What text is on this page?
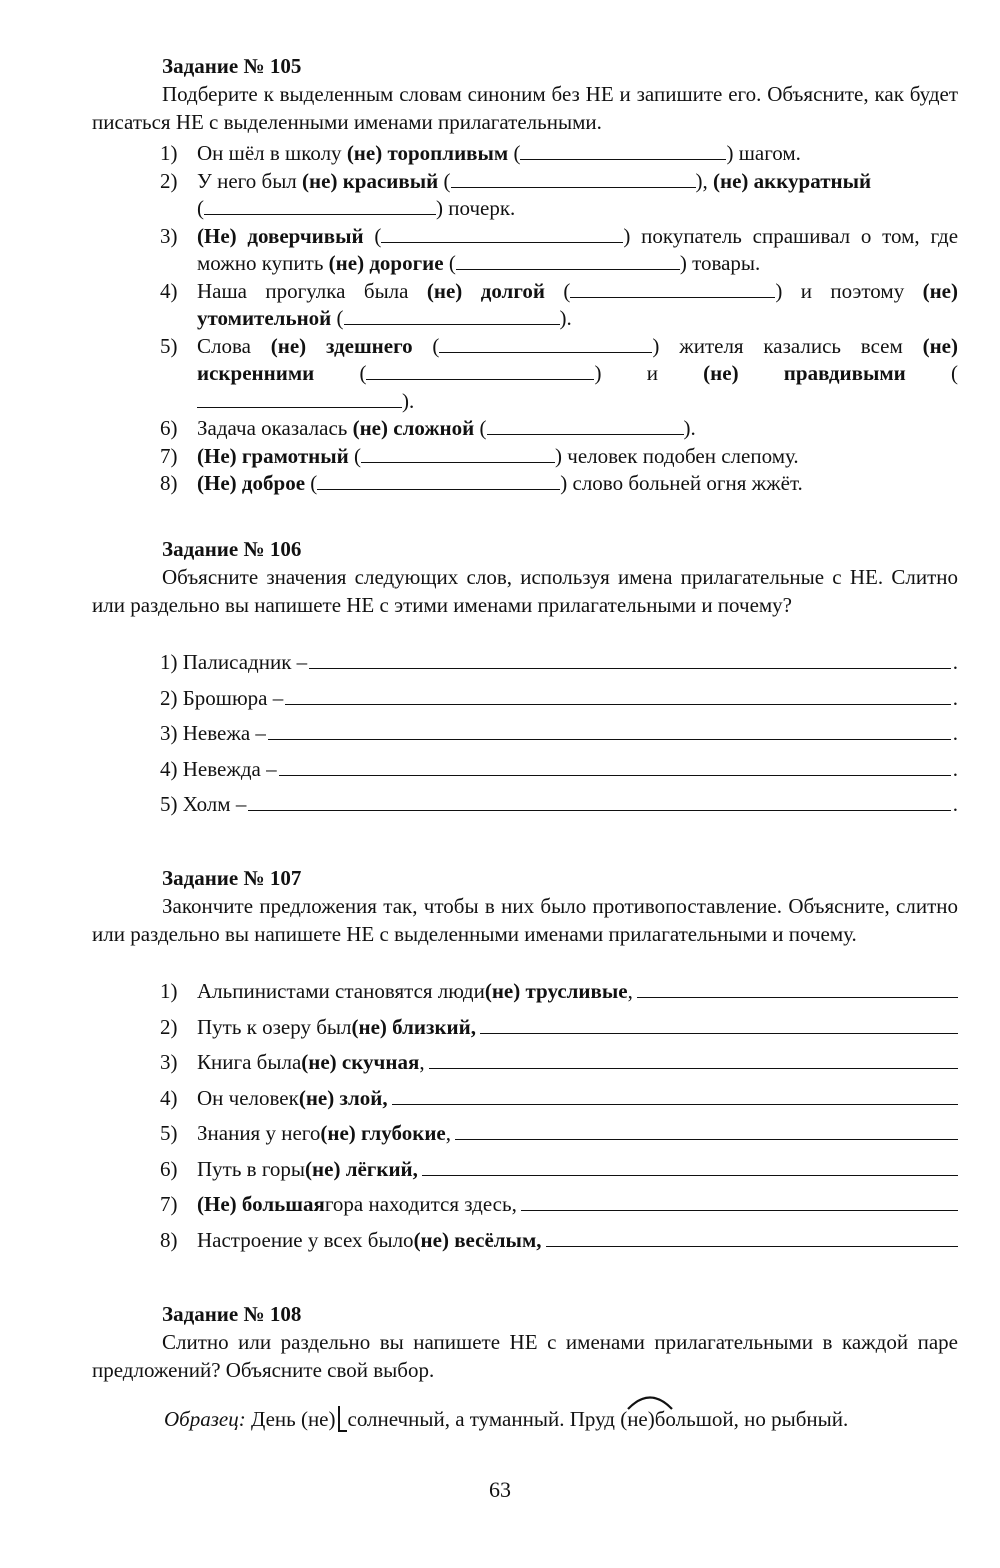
Задание № 105
Подберите к выделенным словам синоним без НЕ и запишите его. Объясните, как будет писаться НЕ с выделенными именами прилагательными.
1) Он шёл в школу (не) торопливым (	) шагом.
2) У него был (не) красивый (	), (не) аккуратный
(	) почерк.
3) (Не) доверчивый (	) покупатель спрашивал о том, где можно купить (не) дорогие (	) товары.
4) Наша прогулка была (не) долгой (	) и поэтому (не) утомительной (	).
5) Слова (не) здешнего (	) жителя казались всем (не) искренними (	) и (не) правдивыми ().
6) Задача оказалась (не) сложной (	).
7) (Не) грамотный (	) человек подобен слепому.
8) (Не) доброе (	) слово больней огня жжёт.
Задание № 106
Объясните значения следующих слов, используя имена прилагательные с НЕ. Слитно или раздельно вы напишете НЕ с этими именами прилагательными и почему?
1) Палисадник –	.
2) Брошюра –	.
3) Невежа –	.
4) Невежда –	.
5) Холм –	.
Задание № 107
Закончите предложения так, чтобы в них было противопоставление. Объясните, слитно или раздельно вы напишете НЕ с выделенными именами прилагательными и почему.
1) Альпинистами становятся люди (не) трусливые ,
2) Путь к озеру был (не) близкий,
3) Книга была (не) скучная ,
4) Он человек (не) злой,
5) Знания у него (не) глубокие ,
6) Путь в горы (не) лёгкий,
7) (Не) большая гора находится здесь,
8) Настроение у всех было (не) весёлым,
Задание № 108
Слитно или раздельно вы напишете НЕ с именами прилагательными в каждой паре предложений? Объясните свой выбор.
Образец: День (не) солнечный, а туманный. Пруд
(не)большой, но рыбный.
63
